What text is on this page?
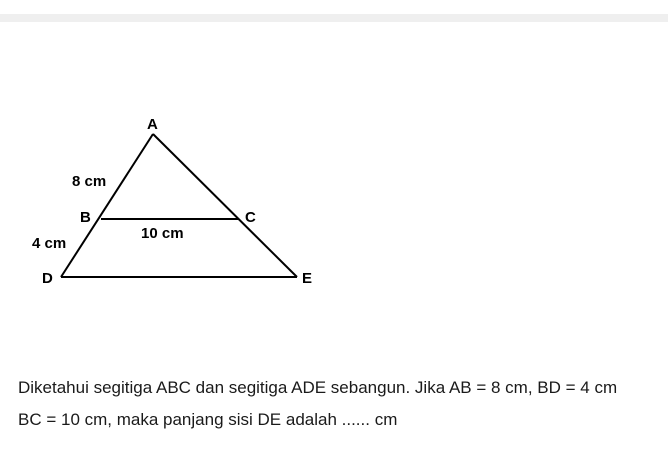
A
B	C
D	E
8 cm
4 cm
10 cm

Diketahui segitiga ABC dan segitiga ADE sebangun. Jika AB = 8 cm, BD = 4 cm

BC = 10 cm, maka panjang sisi DE adalah ...... cm
